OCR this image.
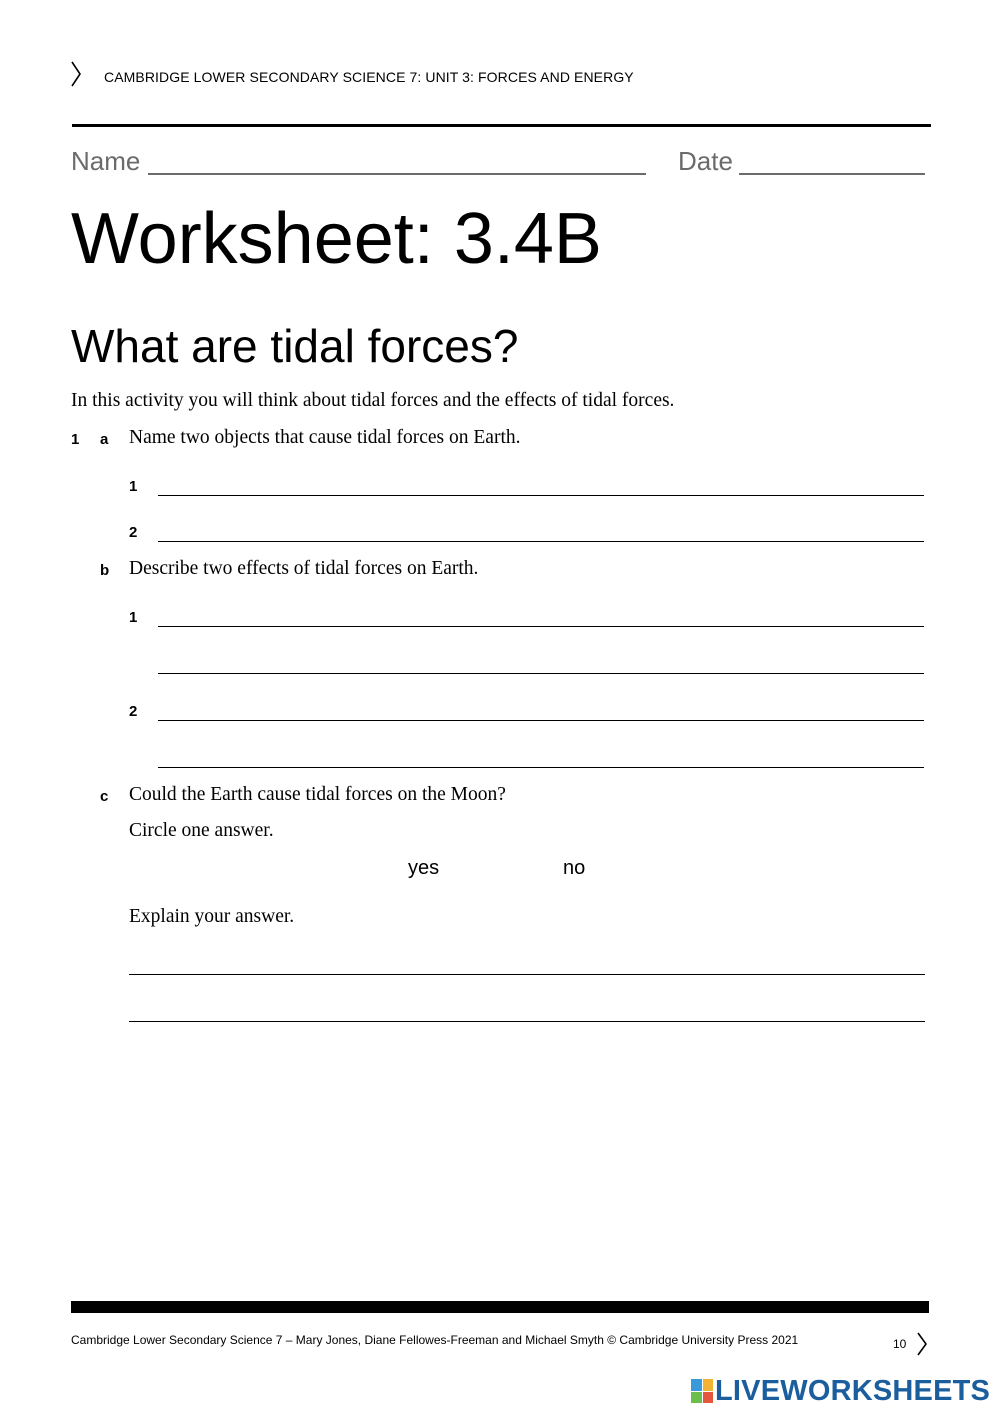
CAMBRIDGE LOWER SECONDARY SCIENCE 7: UNIT 3: FORCES AND ENERGY
Name	Date
Worksheet: 3.4B
What are tidal forces?
In this activity you will think about tidal forces and the effects of tidal forces.
1 a Name two objects that cause tidal forces on Earth.
1
2
b Describe two effects of tidal forces on Earth.
1
2
c Could the Earth cause tidal forces on the Moon?
Circle one answer.
yes	no
Explain your answer.
Cambridge Lower Secondary Science 7 – Mary Jones, Diane Fellowes-Freeman and Michael Smyth © Cambridge University Press 2021	10
LIVEWORKSHEETS
